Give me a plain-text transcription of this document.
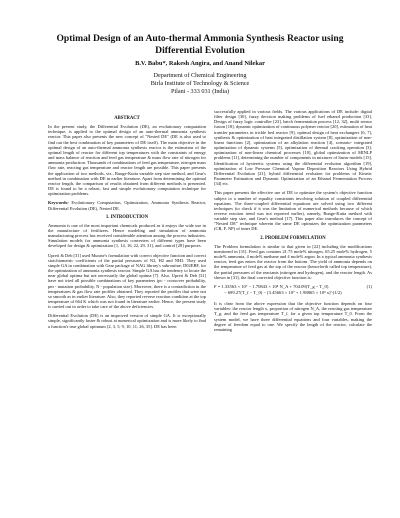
Optimal Design of an Auto-thermal Ammonia Synthesis Reactor using
Differential Evolution
B.V. Babu*, Rakesh Angira, and Anand Nilekar
Department of Chemical Engineering
Birla Institute of Technology & Science
Pilani - 333 031 (India)
ABSTRACT

In the present study, the Differential Evolution (DE), an evolutionary computation technique, is applied to the optimal design of an auto-thermal ammonia synthesis reactor. This paper also presents the new concept of "Nested DE" (DE is also used to find out the best combination of key parameters of DE itself). The main objective in the optimal design of an auto-thermal ammonia synthesis reactor is the estimation of the optimal length of reactor for different top temperatures with the constraints of energy and mass balance of reaction and feed gas temperature & mass flow rate of nitrogen for ammonia production. Thousands of combinations of feed gas temperature, nitrogen mass flow rate, reacting gas temperature and reactor length are possible. This paper presents the application of two methods, viz., Runge-Kutta variable step size method, and Gear's method in combination with DE in earlier literature. Apart from determining the optimal reactor length, the comparison of results obtained from different methods is presented. DE is found to be a robust, fast and simple evolutionary computation technique for optimization problems.

Keywords: Evolutionary Computation, Optimization, Ammonia Synthesis Reactor, Differential Evolution (DE), Nested DE.

1. INTRODUCTION

Ammonia is one of the most important chemicals produced as it enjoys the wide use in the manufacture of fertilizers. Hence modeling and simulation of ammonia manufacturing process has received considerable attention among the process industries. Simulation models for ammonia synthesis converters of different types have been developed for design & optimization [1, 14, 16, 22, 29, 31], and control [28] purposes.

Upreti & Deb [31] used Murase's formulation with correct objective function and correct stoichiometric coefficients of the partial pressures of N2, H2 and NH3. They used simple GA in combination with Gear package of NAG library's subroutine, D02EBF, for the optimization of ammonia synthesis reactor. Simple GA has the tendency to locate the near global optima but not necessarily the global optima [7]. Also, Upreti & Deb [31] have not tried all possible combinations of key parameters (pc - crossover probability, pm - mutation probability, N - population size). Moreover, there is a contradiction in the temperatures & gas flow rate profiles obtained. They reported the profiles that were not so smooth as in earlier literature. Also, they reported reverse reaction condition at the top temperature of 664 K which was not found in literature earlier. Hence, the present study is carried out in order to take care of the above deficiencies.

Differential Evolution (DE) is an improved version of simple GA. It is exceptionally simple, significantly faster & robust at numerical optimization and is more likely to find a function's true global optimum [2, 3, 5, 9, 10, 11, 26, 35]. DE has been

successfully applied in various fields. The various applications of DE include: digital filter design [30], fuzzy decision making problems of fuel ethanol production [33], Design of fuzzy logic controller [23], batch fermentation process [12, 32], multi sensor fusion [18], dynamic optimization of continuous polymer reactor [20], estimation of heat transfer parameters in trickle bed reactor [9], optimal design of heat exchangers [6, 7], synthesis & optimization of heat integrated distillation system [8], optimization of non-linear functions [2], optimization of an alkylation reaction [4], scenario- integrated optimization of dynamic systems [5], optimization of thermal cracking operation [3], optimization of non-linear chemical processes [10], global optimization of MINLP problems [11], determining the number of components in mixtures of linear models [15], Identification of hysteretic systems using the differential evolution algorithm [19], optimization of Low Pressure Chemical Vapour Deposition Reactors Using Hybrid Differential Evolution [21], hybrid differential evolution for problems of Kinetic Parameter Estimation and Dynamic Optimization of an Ethanol Fermentation Process [34] etc.

This paper presents the effective use of DE to optimize the system's objective function subject to a number of equality constraints involving solution of coupled differential equations. The three-coupled differential equations are solved using two different techniques (to check if it was the limitation of numerical methods because of which reverse reaction trend was not reported earlier), namely, Runge-Kutta method with variable step size, and Gear's method [17]. This paper also introduces the concept of "Nested DE" technique wherein the same DE optimizes the optimization parameters (CR, F, NP) of inner DE.

2. PROBLEM FORMULATION

The Problem formulation is similar to that given in [22] including the modifications mentioned in [31]. Feed gas contains 21.75 mole% nitrogen, 65.25 mole% hydrogen, 5 mole% ammonia, 4 mole% methane and 4 mole% argon. In a typical ammonia synthesis reactor, feed gas enters the reactor from the bottom. The yield of ammonia depends on the temperature of feed gas at the top of the reactor (henceforth called top temperature), the partial pressures of the reactants (nitrogen and hydrogen), and the reactor length. As shown in [31], the final corrected objective function is:

F = 1.33563 × 10⁷ − 1.70843 × 10⁴ N_A + 704.09(T_g − T_0)	(1)
− 699.27(T_f − T_0) − [3.45663 × 10⁷ + 1.98865 × 10⁹ x]^(1/2)

It is clear from the above expression that the objective function depends on four variables: the reactor length x, proportion of nitrogen N_A, the reacting gas temperature T_g, and the feed gas temperature T_f, for a given top temperature T_0. From the system model, we have three differential equations and four variables, making the degree of freedom equal to one. We specify the length of the reactor, calculate the remaining
